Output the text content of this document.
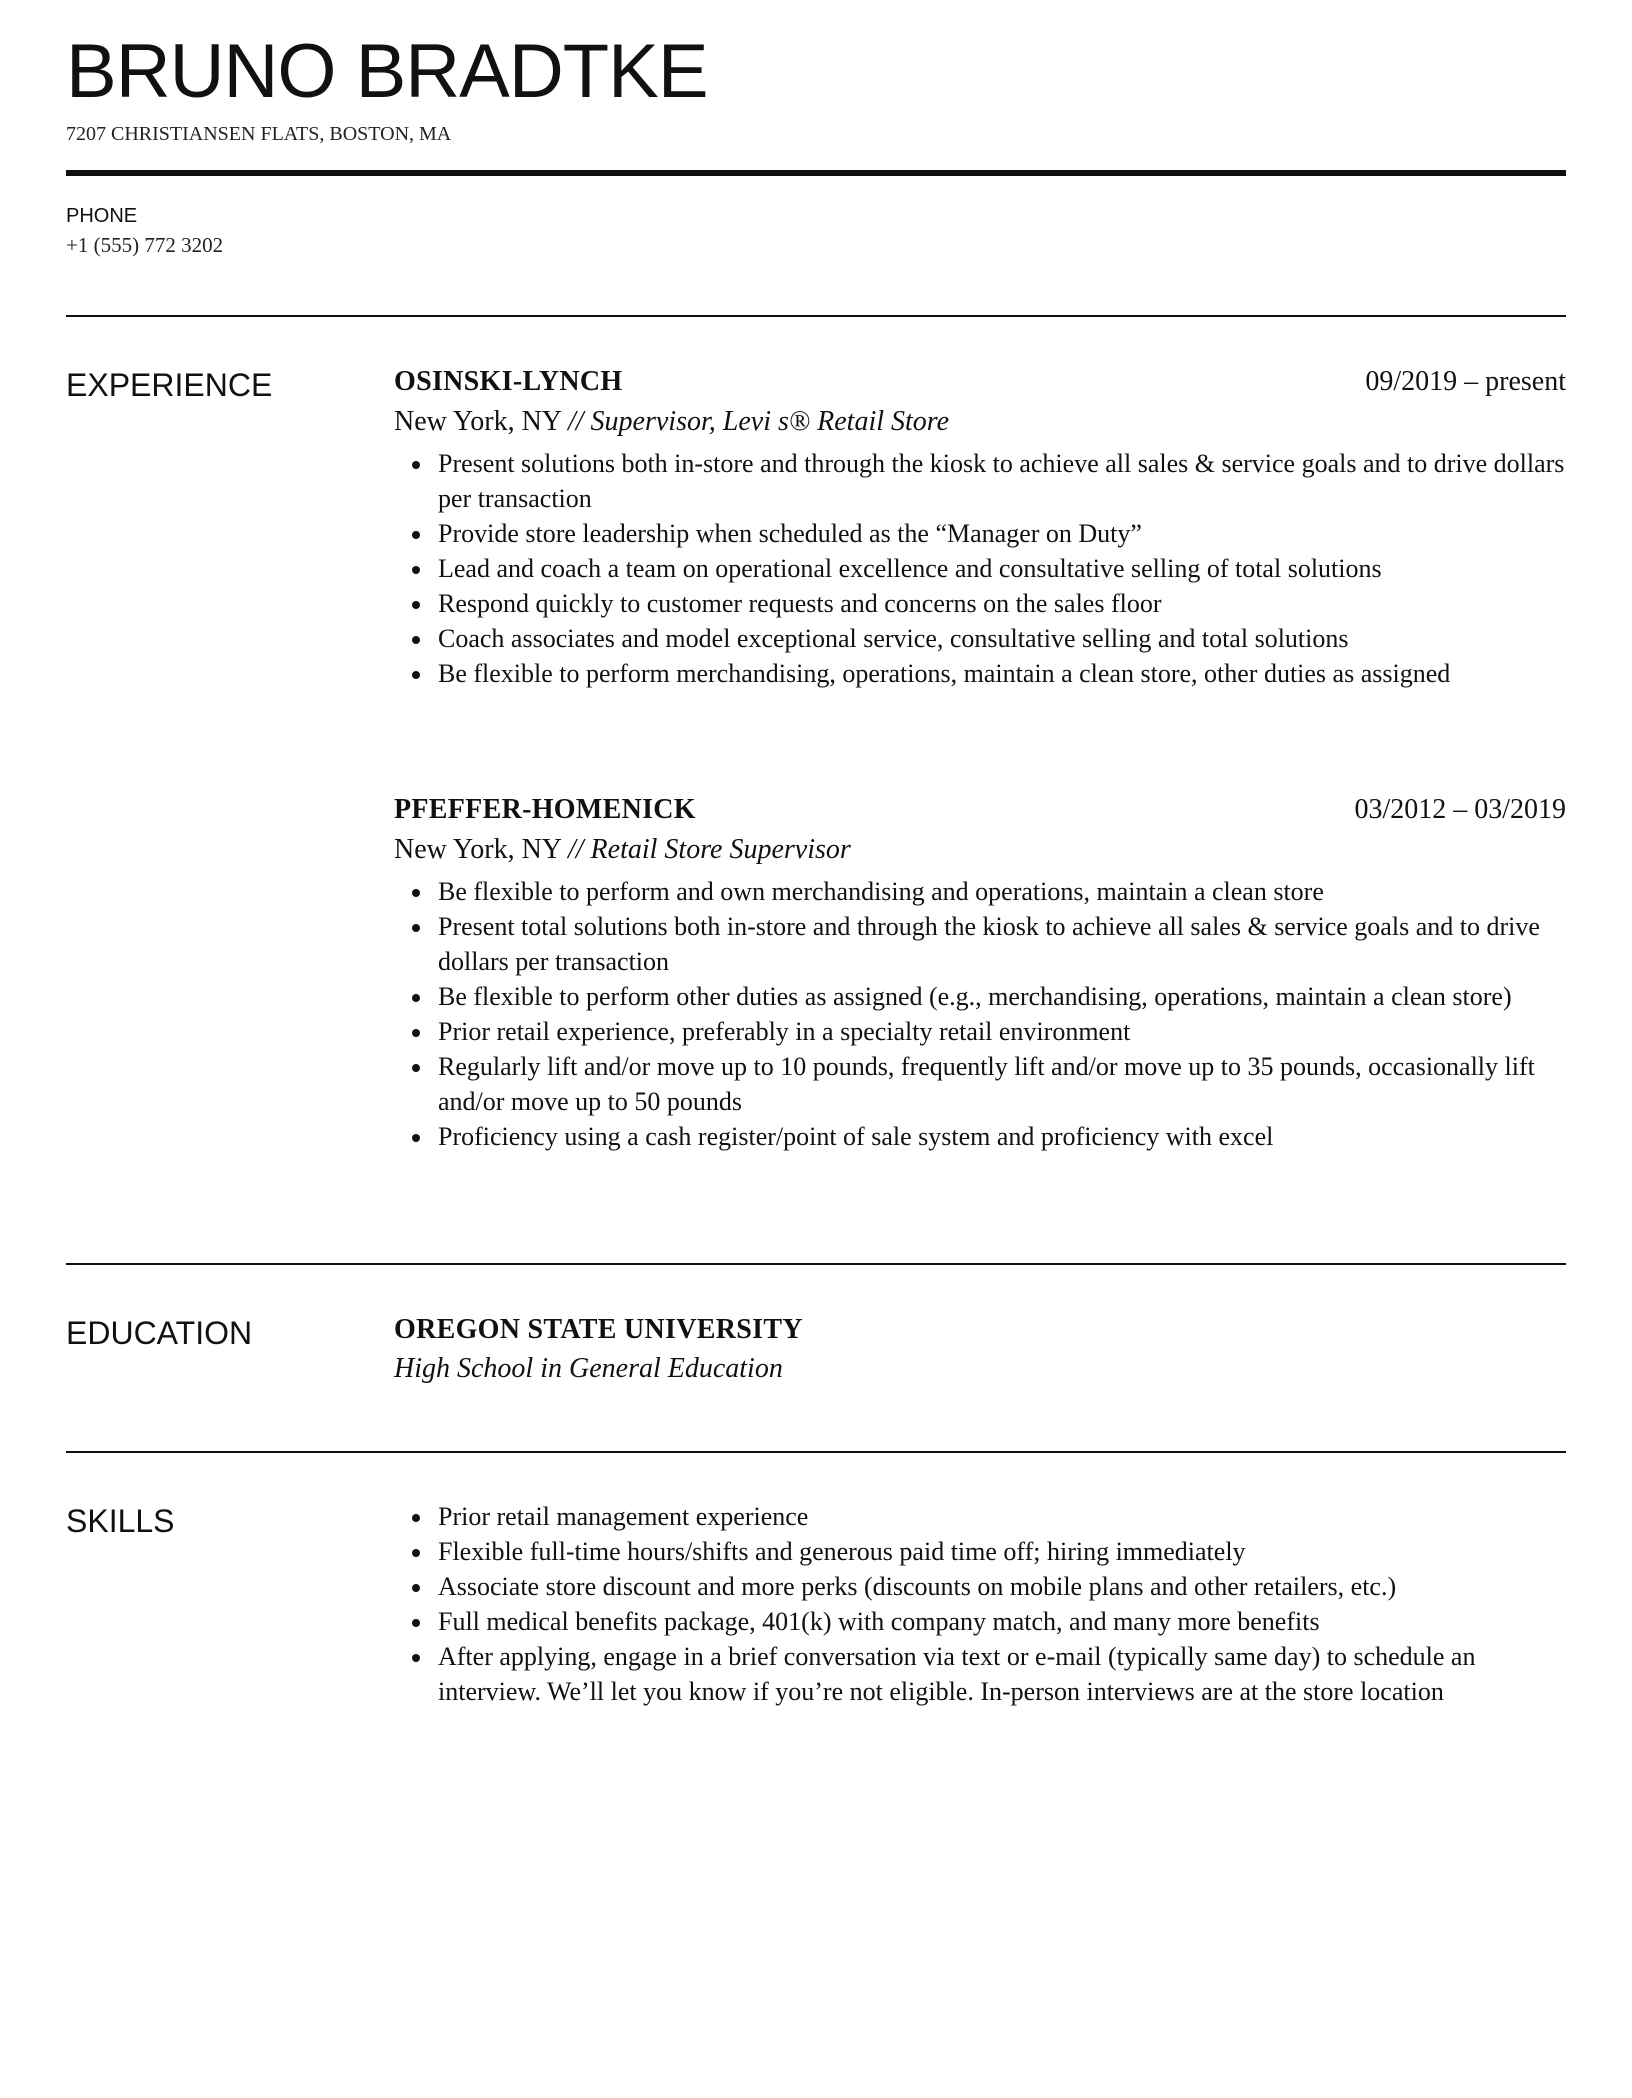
BRUNO BRADTKE
7207 CHRISTIANSEN FLATS, BOSTON, MA
PHONE
+1 (555) 772 3202
EXPERIENCE	OSINSKI-LYNCH	09/2019 – present
New York, NY // Supervisor, Levi s® Retail Store
Present solutions both in-store and through the kiosk to achieve all sales & service goals and to drive dollars per transaction
Provide store leadership when scheduled as the “Manager on Duty”
Lead and coach a team on operational excellence and consultative selling of total solutions
Respond quickly to customer requests and concerns on the sales floor
Coach associates and model exceptional service, consultative selling and total solutions
Be flexible to perform merchandising, operations, maintain a clean store, other duties as assigned
PFEFFER-HOMENICK	03/2012 – 03/2019
New York, NY // Retail Store Supervisor
Be flexible to perform and own merchandising and operations, maintain a clean store
Present total solutions both in-store and through the kiosk to achieve all sales & service goals and to drive dollars per transaction
Be flexible to perform other duties as assigned (e.g., merchandising, operations, maintain a clean store)
Prior retail experience, preferably in a specialty retail environment
Regularly lift and/or move up to 10 pounds, frequently lift and/or move up to 35 pounds, occasionally lift and/or move up to 50 pounds
Proficiency using a cash register/point of sale system and proficiency with excel
EDUCATION	OREGON STATE UNIVERSITY
High School in General Education
SKILLS	Prior retail management experience
Flexible full-time hours/shifts and generous paid time off; hiring immediately
Associate store discount and more perks (discounts on mobile plans and other retailers, etc.)
Full medical benefits package, 401(k) with company match, and many more benefits
After applying, engage in a brief conversation via text or e-mail (typically same day) to schedule an interview. We’ll let you know if you’re not eligible. In-person interviews are at the store location
